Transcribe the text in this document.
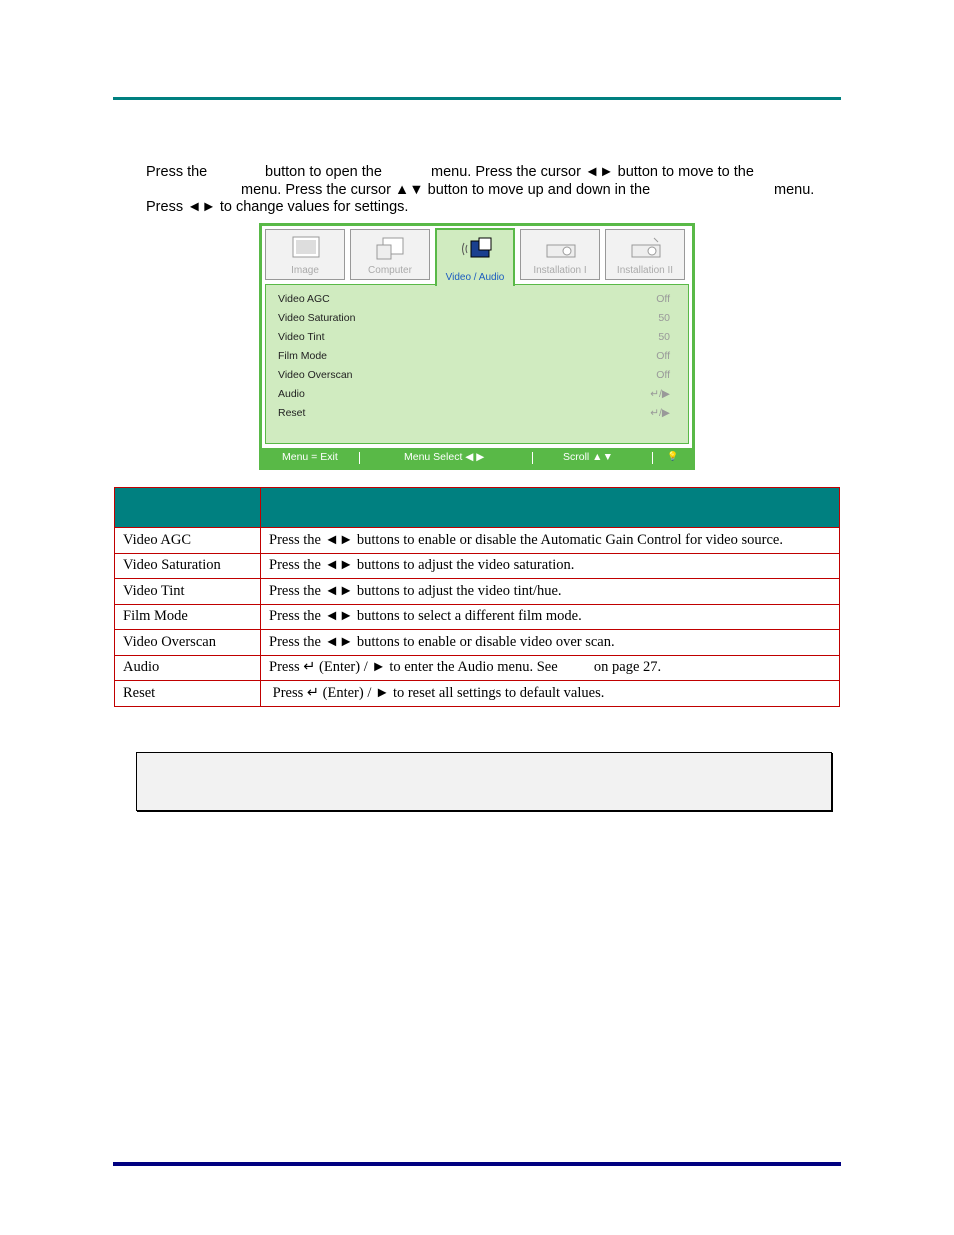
Press the	button to open the	menu. Press the cursor ◄► button to move to the
menu. Press the cursor ▲▼ button to move up and down in the	menu.
Press ◄► to change values for settings.
Image	Computer
Video / Audio
Installation I	Installation II
Video AGC	Off
Video Saturation	50
Video Tint	50
Film Mode	Off
Video Overscan	Off
Audio	↵/▶
Reset	↵/▶
Menu = Exit	Menu Select ◀ ▶	Scroll ▲▼	💡

Video AGC	Press the ◄► buttons to enable or disable the Automatic Gain Control for video source.
Video Saturation	Press the ◄► buttons to adjust the video saturation.
Video Tint	Press the ◄► buttons to adjust the video tint/hue.
Film Mode	Press the ◄► buttons to select a different film mode.
Video Overscan	Press the ◄► buttons to enable or disable video over scan.
Audio	Press ↵ (Enter) / ► to enter the Audio menu. See          on page 27.
Reset	Press ↵ (Enter) / ► to reset all settings to default values.
